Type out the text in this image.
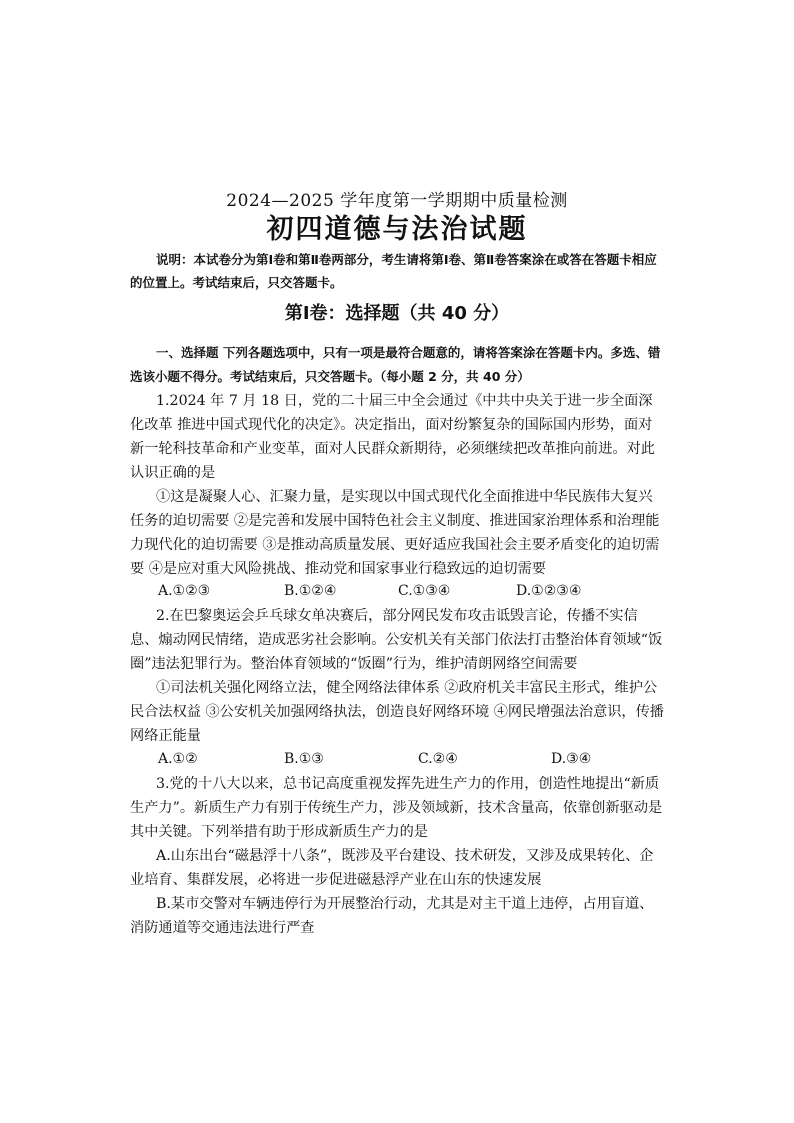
2024—2025 学年度第一学期期中质量检测
初四道德与法治试题
说明：本试卷分为第Ⅰ卷和第Ⅱ卷两部分，考生请将第Ⅰ卷、第Ⅱ卷答案涂在或答在答题卡相应的位置上。考试结束后，只交答题卡。
第Ⅰ卷：选择题（共 40 分）
一、选择题 下列各题选项中，只有一项是最符合题意的，请将答案涂在答题卡内。多选、错选该小题不得分。考试结束后，只交答题卡。（每小题 2 分，共 40 分）
1.2024 年 7 月 18 日，党的二十届三中全会通过《中共中央关于进一步全面深化改革 推进中国式现代化的决定》。决定指出，面对纷繁复杂的国际国内形势，面对新一轮科技革命和产业变革，面对人民群众新期待，必须继续把改革推向前进。对此认识正确的是
①这是凝聚人心、汇聚力量，是实现以中国式现代化全面推进中华民族伟大复兴任务的迫切需要 ②是完善和发展中国特色社会主义制度、推进国家治理体系和治理能力现代化的迫切需要 ③是推动高质量发展、更好适应我国社会主要矛盾变化的迫切需要 ④是应对重大风险挑战、推动党和国家事业行稳致远的迫切需要
A.①②③	B.①②④	C.①③④	D.①②③④
2.在巴黎奥运会乒乓球女单决赛后，部分网民发布攻击诋毁言论，传播不实信息、煽动网民情绪，造成恶劣社会影响。公安机关有关部门依法打击整治体育领域“饭圈”违法犯罪行为。整治体育领域的“饭圈”行为，维护清朗网络空间需要
①司法机关强化网络立法，健全网络法律体系 ②政府机关丰富民主形式，维护公民合法权益 ③公安机关加强网络执法，创造良好网络环境 ④网民增强法治意识，传播网络正能量
A.①②	B.①③	C.②④	D.③④
3.党的十八大以来，总书记高度重视发挥先进生产力的作用，创造性地提出“新质生产力”。新质生产力有别于传统生产力，涉及领域新，技术含量高，依靠创新驱动是其中关键。下列举措有助于形成新质生产力的是
A.山东出台“磁悬浮十八条”，既涉及平台建设、技术研发，又涉及成果转化、企业培育、集群发展，必将进一步促进磁悬浮产业在山东的快速发展
B.某市交警对车辆违停行为开展整治行动，尤其是对主干道上违停，占用盲道、消防通道等交通违法进行严查
